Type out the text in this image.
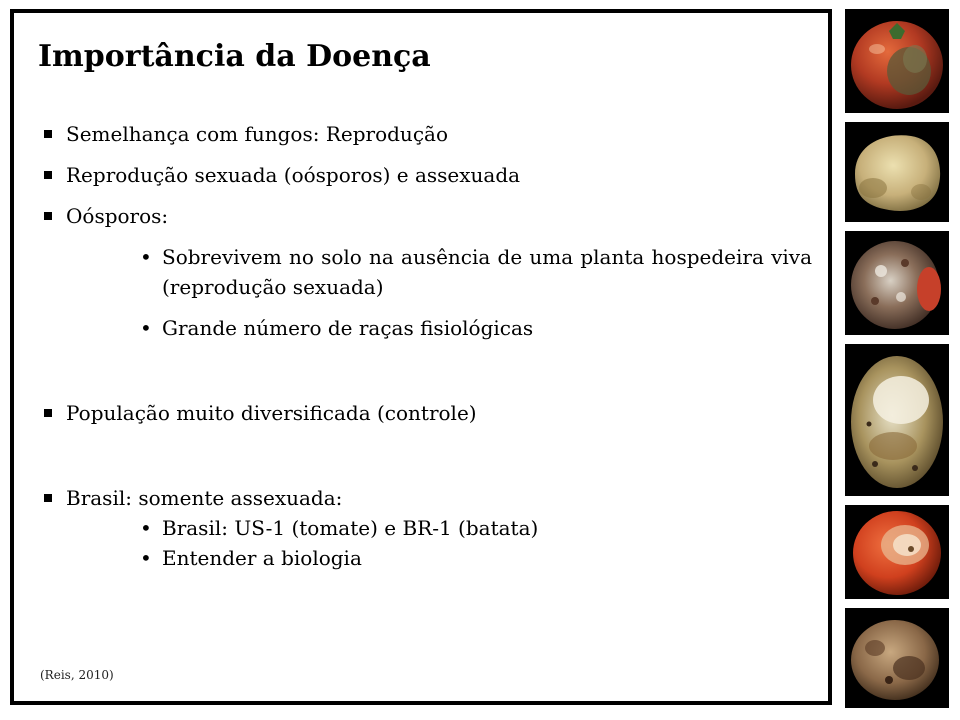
Importância da Doença

Semelhança com fungos: Reprodução

Reprodução sexuada (oósporos) e assexuada

Oósporos:

• Sobrevivem no solo na ausência de uma planta hospedeira viva (reprodução sexuada)

• Grande número de raças fisiológicas

População muito diversificada (controle)

Brasil: somente assexuada:

• Brasil: US-1 (tomate) e BR-1 (batata)

• Entender a biologia

(Reis, 2010)
